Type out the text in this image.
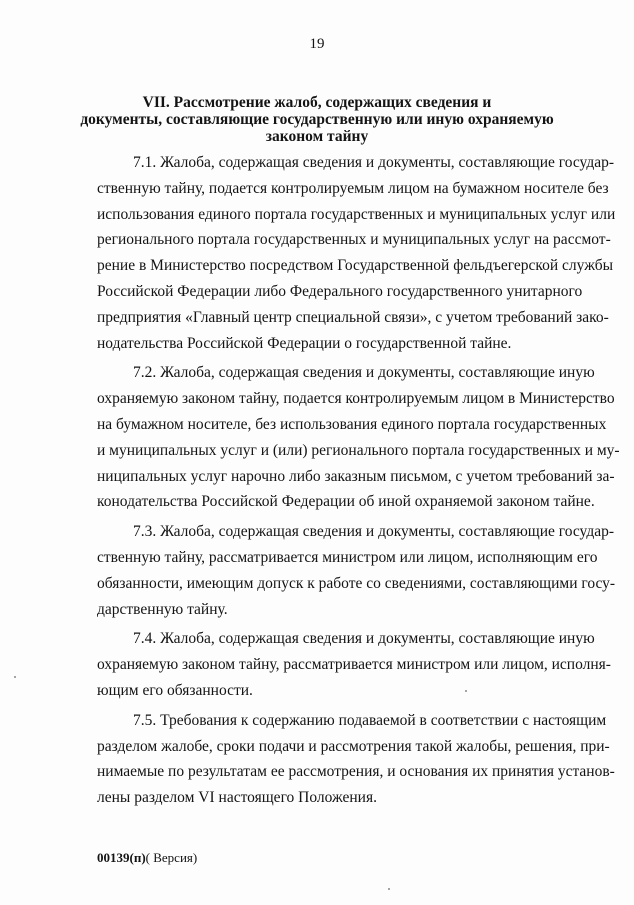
19
VII. Рассмотрение жалоб, содержащих сведения и
документы, составляющие государственную или иную охраняемую
законом тайну
7.1. Жалоба, содержащая сведения и документы, составляющие государ-
ственную тайну, подается контролируемым лицом на бумажном носителе без
использования единого портала государственных и муниципальных услуг или
регионального портала государственных и муниципальных услуг на рассмот-
рение в Министерство посредством Государственной фельдъегерской службы
Российской Федерации либо Федерального государственного унитарного
предприятия «Главный центр специальной связи», с учетом требований зако-
нодательства Российской Федерации о государственной тайне.
7.2. Жалоба, содержащая сведения и документы, составляющие иную
охраняемую законом тайну, подается контролируемым лицом в Министерство
на бумажном носителе, без использования единого портала государственных
и муниципальных услуг и (или) регионального портала государственных и му-
ниципальных услуг нарочно либо заказным письмом, с учетом требований за-
конодательства Российской Федерации об иной охраняемой законом тайне.
7.3. Жалоба, содержащая сведения и документы, составляющие государ-
ственную тайну, рассматривается министром или лицом, исполняющим его
обязанности, имеющим допуск к работе со сведениями, составляющими госу-
дарственную тайну.
7.4. Жалоба, содержащая сведения и документы, составляющие иную
охраняемую законом тайну, рассматривается министром или лицом, исполня-
ющим его обязанности.
7.5. Требования к содержанию подаваемой в соответствии с настоящим
разделом жалобе, сроки подачи и рассмотрения такой жалобы, решения, при-
нимаемые по результатам ее рассмотрения, и основания их принятия установ-
лены разделом VI настоящего Положения.
00139(п)( Версия)
